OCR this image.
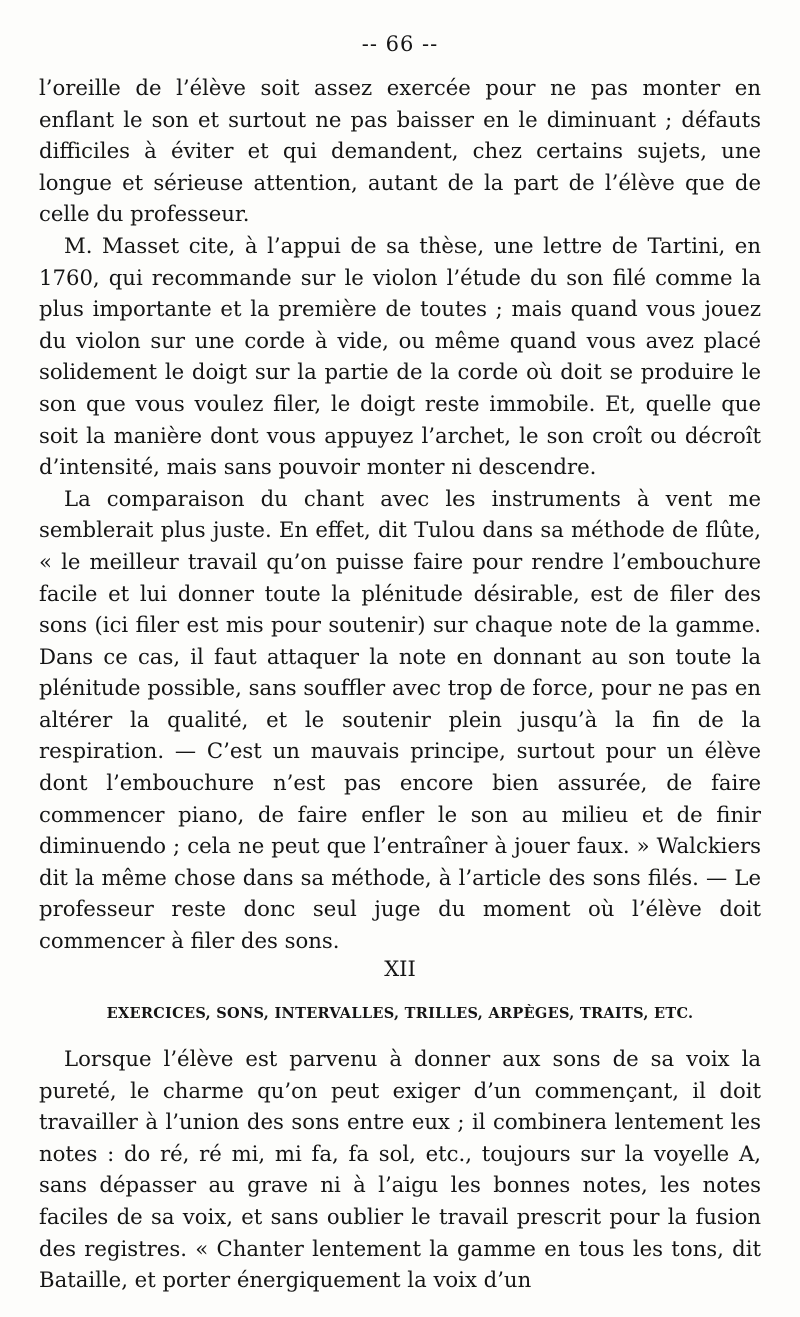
-- 66 --

l’oreille de l’élève soit assez exercée pour ne pas monter en enflant le son et surtout ne pas baisser en le diminuant ; défauts difficiles à éviter et qui demandent, chez certains sujets, une longue et sérieuse attention, autant de la part de l’élève que de celle du professeur.

M. Masset cite, à l’appui de sa thèse, une lettre de Tartini, en 1760, qui recommande sur le violon l’étude du son filé comme la plus importante et la première de toutes ; mais quand vous jouez du violon sur une corde à vide, ou même quand vous avez placé solidement le doigt sur la partie de la corde où doit se produire le son que vous voulez filer, le doigt reste immobile. Et, quelle que soit la manière dont vous appuyez l’archet, le son croît ou décroît d’intensité, mais sans pouvoir monter ni descendre.

La comparaison du chant avec les instruments à vent me semblerait plus juste. En effet, dit Tulou dans sa méthode de flûte, « le meilleur travail qu’on puisse faire pour rendre l’embouchure facile et lui donner toute la plénitude désirable, est de filer des sons (ici filer est mis pour soutenir) sur chaque note de la gamme. Dans ce cas, il faut attaquer la note en donnant au son toute la plénitude possible, sans souffler avec trop de force, pour ne pas en altérer la qualité, et le soutenir plein jusqu’à la fin de la respiration. — C’est un mauvais principe, surtout pour un élève dont l’embouchure n’est pas encore bien assurée, de faire commencer piano, de faire enfler le son au milieu et de finir diminuendo ; cela ne peut que l’entraîner à jouer faux. » Walckiers dit la même chose dans sa méthode, à l’article des sons filés. — Le professeur reste donc seul juge du moment où l’élève doit commencer à filer des sons.

XII
EXERCICES, SONS, INTERVALLES, TRILLES, ARPÈGES, TRAITS, ETC.

Lorsque l’élève est parvenu à donner aux sons de sa voix la pureté, le charme qu’on peut exiger d’un commençant, il doit travailler à l’union des sons entre eux ; il combinera lentement les notes : do ré, ré mi, mi fa, fa sol, etc., toujours sur la voyelle A, sans dépasser au grave ni à l’aigu les bonnes notes, les notes faciles de sa voix, et sans oublier le travail prescrit pour la fusion des registres. « Chanter lentement la gamme en tous les tons, dit Bataille, et porter énergiquement la voix d’un
